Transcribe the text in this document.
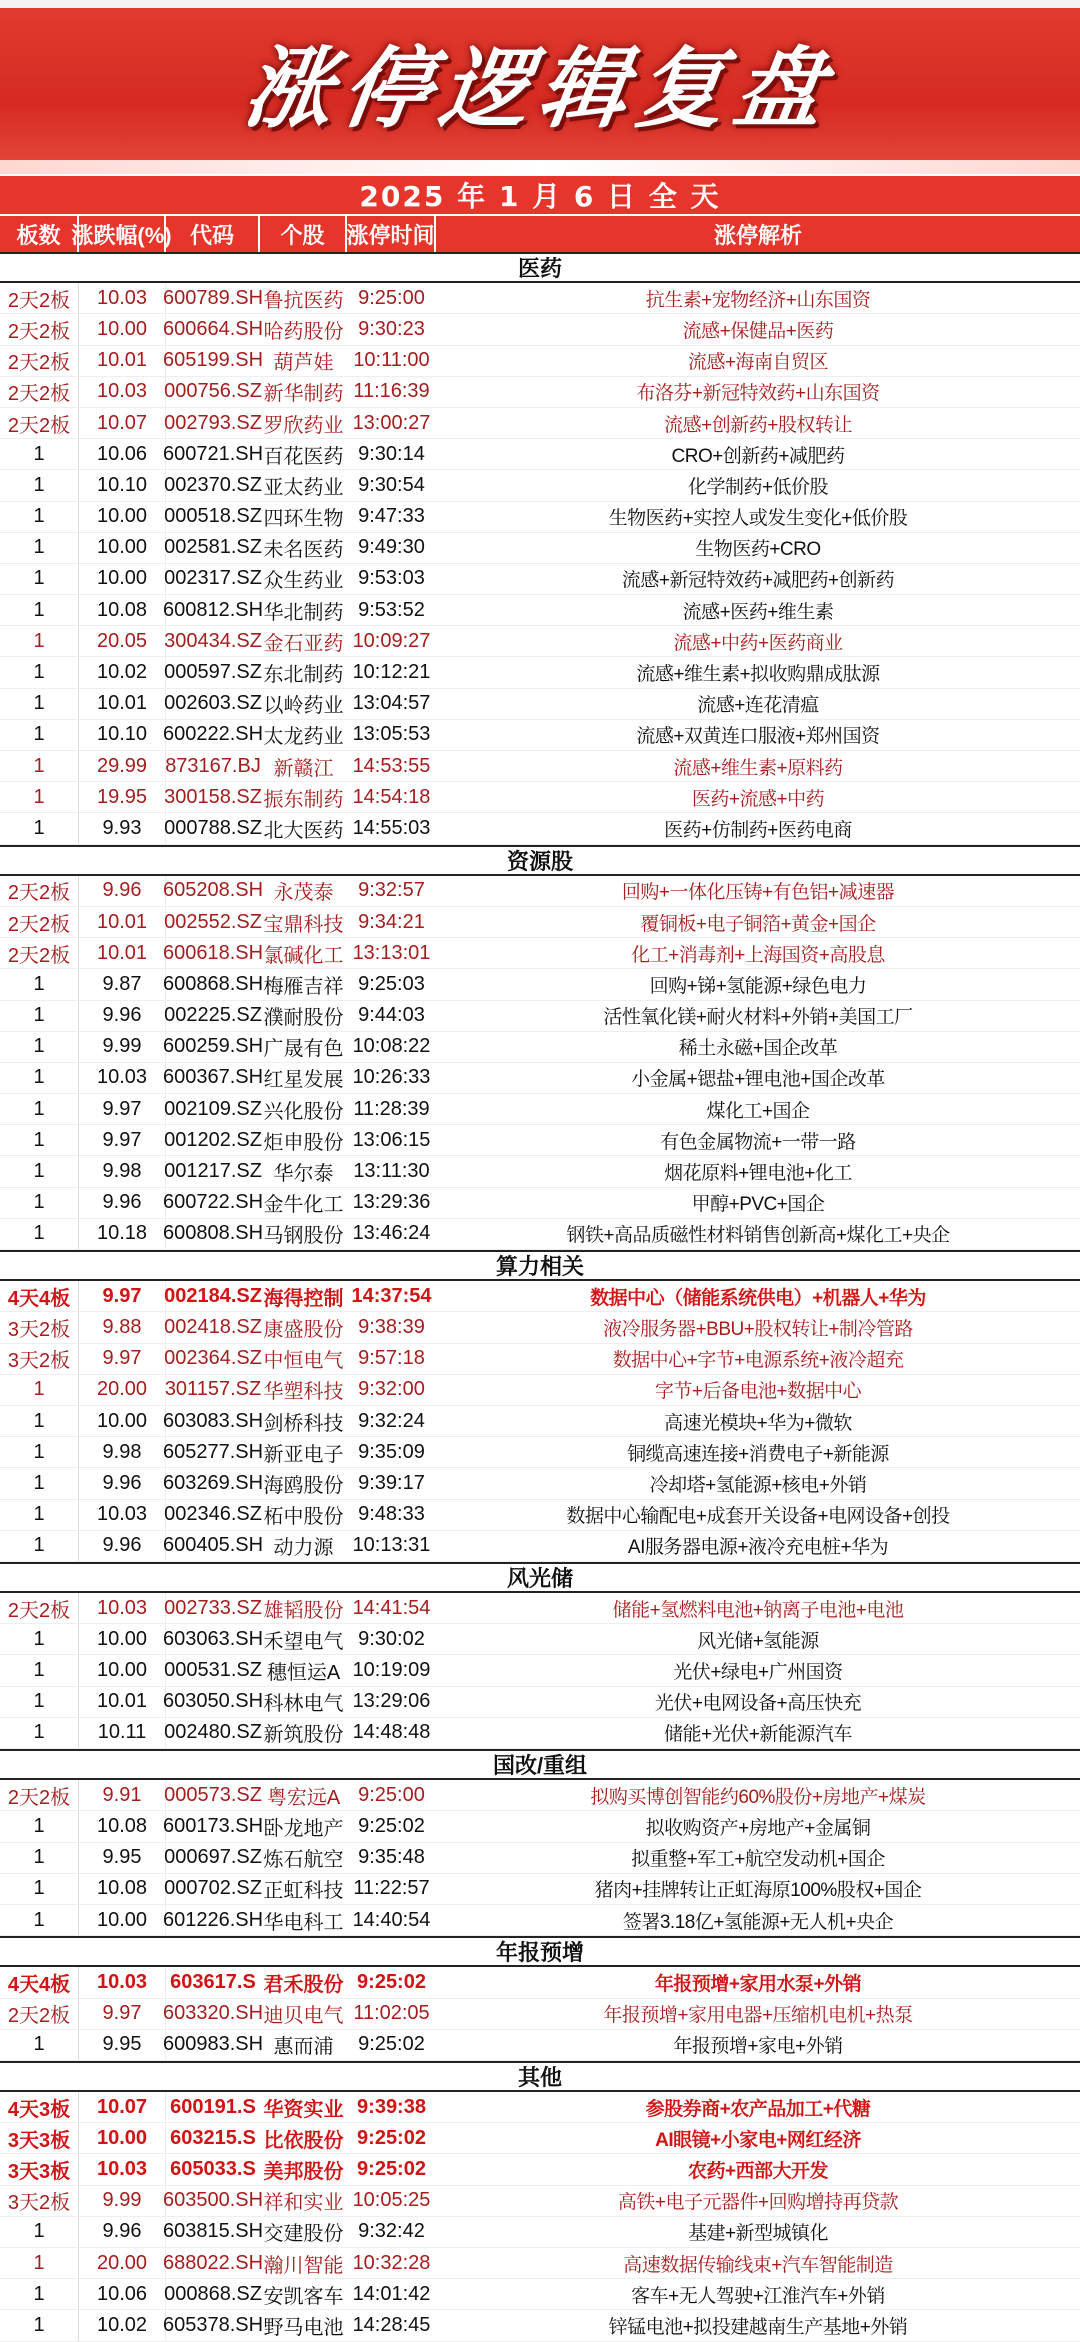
涨停逻辑复盘
2025 年 1 月 6 日 全 天
板数 涨跌幅(%) 代码	个股	涨停时间	涨停解析
医药
2天2板	10.03 600789.SH 鲁抗医药 9:25:00	抗生素+宠物经济+山东国资
2天2板	10.00 600664.SH 哈药股份 9:30:23	流感+保健品+医药
2天2板	10.01 605199.SH 葫芦娃 10:11:00	流感+海南自贸区
2天2板	10.03 000756.SZ 新华制药 11:16:39	布洛芬+新冠特效药+山东国资
2天2板	10.07 002793.SZ 罗欣药业 13:00:27	流感+创新药+股权转让
1	10.06 600721.SH 百花医药 9:30:14	CRO+创新药+减肥药
1	10.10 002370.SZ 亚太药业 9:30:54	化学制药+低价股
1	10.00 000518.SZ 四环生物 9:47:33	生物医药+实控人或发生变化+低价股
1	10.00 002581.SZ 未名医药 9:49:30	生物医药+CRO
1	10.00 002317.SZ 众生药业 9:53:03	流感+新冠特效药+减肥药+创新药
1	10.08 600812.SH 华北制药 9:53:52	流感+医药+维生素
1	20.05 300434.SZ 金石亚药 10:09:27	流感+中药+医药商业
1	10.02 000597.SZ 东北制药 10:12:21	流感+维生素+拟收购鼎成肽源
1	10.01 002603.SZ 以岭药业 13:04:57	流感+连花清瘟
1	10.10 600222.SH 太龙药业 13:05:53	流感+双黄连口服液+郑州国资
1	29.99 873167.BJ 新赣江 14:53:55	流感+维生素+原料药
1	19.95 300158.SZ 振东制药 14:54:18	医药+流感+中药
1	9.93	000788.SZ 北大医药 14:55:03	医药+仿制药+医药电商
资源股
2天2板	9.96	605208.SH 永茂泰	9:32:57	回购+一体化压铸+有色铝+减速器
2天2板	10.01 002552.SZ 宝鼎科技 9:34:21	覆铜板+电子铜箔+黄金+国企
2天2板	10.01 600618.SH 氯碱化工 13:13:01	化工+消毒剂+上海国资+高股息
1	9.87	600868.SH 梅雁吉祥 9:25:03	回购+锑+氢能源+绿色电力
1	9.96	002225.SZ 濮耐股份 9:44:03	活性氧化镁+耐火材料+外销+美国工厂
1	9.99	600259.SH 广晟有色 10:08:22	稀土永磁+国企改革
1	10.03 600367.SH 红星发展 10:26:33	小金属+锶盐+锂电池+国企改革
1	9.97	002109.SZ 兴化股份 11:28:39	煤化工+国企
1	9.97	001202.SZ 炬申股份 13:06:15	有色金属物流+一带一路
1	9.98	001217.SZ 华尔泰 13:11:30	烟花原料+锂电池+化工
1	9.96	600722.SH 金牛化工 13:29:36	甲醇+PVC+国企
1	10.18 600808.SH 马钢股份 13:46:24	钢铁+高品质磁性材料销售创新高+煤化工+央企
算力相关
4天4板	9.97	002184.SZ 海得控制 14:37:54	数据中心（储能系统供电）+机器人+华为
3天2板	9.88	002418.SZ 康盛股份 9:38:39	液冷服务器+BBU+股权转让+制冷管路
3天2板	9.97	002364.SZ 中恒电气 9:57:18	数据中心+字节+电源系统+液冷超充
1	20.00 301157.SZ 华塑科技 9:32:00	字节+后备电池+数据中心
1	10.00 603083.SH 剑桥科技 9:32:24	高速光模块+华为+微软
1	9.98	605277.SH 新亚电子 9:35:09	铜缆高速连接+消费电子+新能源
1	9.96	603269.SH 海鸥股份 9:39:17	冷却塔+氢能源+核电+外销
1	10.03 002346.SZ 柘中股份 9:48:33	数据中心输配电+成套开关设备+电网设备+创投
1	9.96	600405.SH 动力源 10:13:31	AI服务器电源+液冷充电桩+华为
风光储
2天2板	10.03 002733.SZ 雄韬股份 14:41:54	储能+氢燃料电池+钠离子电池+电池
1	10.00 603063.SH 禾望电气 9:30:02	风光储+氢能源
1	10.00 000531.SZ 穗恒运A 10:19:09	光伏+绿电+广州国资
1	10.01 603050.SH 科林电气 13:29:06	光伏+电网设备+高压快充
1	10.11 002480.SZ 新筑股份 14:48:48	储能+光伏+新能源汽车
国改/重组
2天2板	9.91	000573.SZ 粤宏远A 9:25:00	拟购买博创智能约60%股份+房地产+煤炭
1	10.08 600173.SH 卧龙地产 9:25:02	拟收购资产+房地产+金属铜
1	9.95	000697.SZ 炼石航空 9:35:48	拟重整+军工+航空发动机+国企
1	10.08 000702.SZ 正虹科技 11:22:57	猪肉+挂牌转让正虹海原100%股权+国企
1	10.00 601226.SH 华电科工 14:40:54	签署3.18亿+氢能源+无人机+央企
年报预增
4天4板	10.03	603617.S 君禾股份 9:25:02	年报预增+家用水泵+外销
2天2板	9.97	603320.SH 迪贝电气 11:02:05	年报预增+家用电器+压缩机电机+热泵
1	9.95	600983.SH 惠而浦	9:25:02	年报预增+家电+外销
其他
4天3板	10.07	600191.S 华资实业 9:39:38	参股券商+农产品加工+代糖
3天3板	10.00	603215.S 比依股份 9:25:02	AI眼镜+小家电+网红经济
3天3板	10.03	605033.S 美邦股份 9:25:02	农药+西部大开发
3天2板	9.99	603500.SH 祥和实业 10:05:25	高铁+电子元器件+回购增持再贷款
1	9.96	603815.SH 交建股份 9:32:42	基建+新型城镇化
1	20.00 688022.SH 瀚川智能 10:32:28	高速数据传输线束+汽车智能制造
1	10.06 000868.SZ 安凯客车 14:01:42	客车+无人驾驶+江淮汽车+外销
1	10.02 605378.SH 野马电池 14:28:45	锌锰电池+拟投建越南生产基地+外销
